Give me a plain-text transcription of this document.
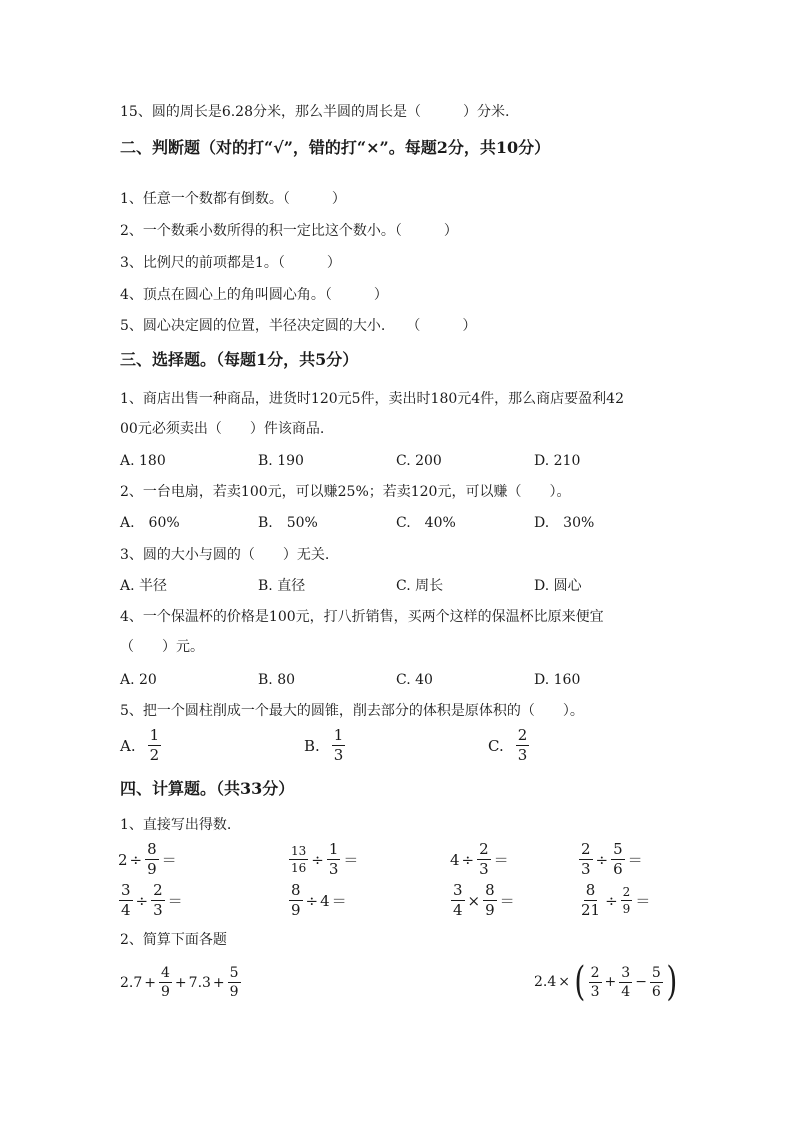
15、圆的周长是6.28分米，那么半圆的周长是（　　　）分米.
二、判断题（对的打“√”，错的打“×”。每题2分，共10分）
1、任意一个数都有倒数。（　　　）
2、一个数乘小数所得的积一定比这个数小。（　　　）
3、比例尺的前项都是1。（　　　）
4、顶点在圆心上的角叫圆心角。（　　　）
5、圆心决定圆的位置，半径决定圆的大小.　　（　　　）
三、选择题。（每题1分，共5分）
1、商店出售一种商品，进货时120元5件，卖出时180元4件，那么商店要盈利42
00元必须卖出（　　）件该商品.
A. 180	B. 190	C. 200	D. 210
2、一台电扇，若卖100元，可以赚25%；若卖120元，可以赚（　　）。
A.　60%	B.　50%	C.　40%	D.　30%
3、圆的大小与圆的（　　）无关.
A. 半径	B. 直径	C. 周长	D. 圆心
4、一个保温杯的价格是100元，打八折销售，买两个这样的保温杯比原来便宜
（　　）元。
A. 20	B. 80	C. 40	D. 160
5、把一个圆柱削成一个最大的圆锥，削去部分的体积是原体积的（　　）。
A. $\frac{1}{2}$	B. $\frac{1}{3}$	C. $\frac{2}{3}$
四、计算题。（共33分）
1、直接写出得数.
$2 \div \frac{8}{9}$ ＝	$\frac{13}{16} \div \frac{1}{3}$ ＝	$4 \div \frac{2}{3}$ ＝	$\frac{2}{3} \div \frac{5}{6}$ ＝
$\frac{3}{4} \div \frac{2}{3}$ ＝	$\frac{8}{9} \div 4$ ＝	$\frac{3}{4} \times \frac{8}{9}$ ＝	$\frac{8}{21} \div \frac{2}{9}$ ＝
2、简算下面各题
$2.7 + \frac{4}{9} + 7.3 + \frac{5}{9}$	2.4 × ( $\frac{2}{3} + \frac{3}{4} - \frac{5}{6}$ )
